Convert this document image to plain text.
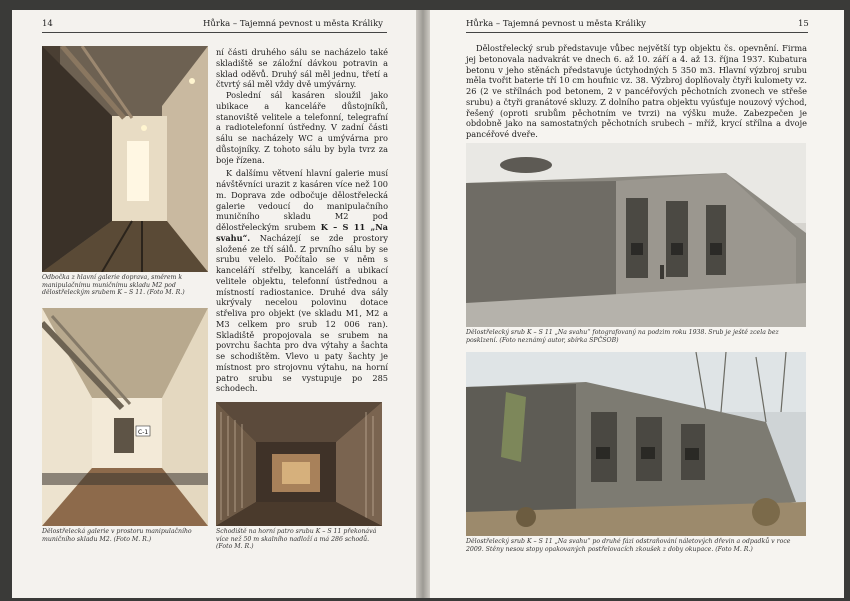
14	Hůrka – Tajemná pevnost u města Králiky

Odbočka z hlavní galerie doprava, směrem k manipulačnímu muničnímu skladu M2 pod dělostřeleckým srubem K – S 11. (Foto M. R.)

C-1

Dělostřelecká galerie v prostoru manipulačního muničního skladu M2. (Foto M. R.)

ní části druhého sálu se nacházelo také skladiště se záložní dávkou potravin a sklad oděvů. Druhý sál měl jednu, třetí a čtvrtý sál měl vždy dvě umývárny.

Poslední sál kasáren sloužil jako ubikace a kanceláře důstojníků, stanoviště velitele a telefonní, telegrafní a radiotelefonní ústředny. V zadní části sálu se nacházely WC a umývárna pro důstojníky. Z tohoto sálu by byla tvrz za boje řízena.

K dalšímu větvení hlavní galerie musí návštěvníci urazit z kasáren více než 100 m. Doprava zde odbočuje dělostřelecká galerie vedoucí do manipulačního muničního skladu M2 pod dělostřeleckým srubem K – S 11 „Na svahu“. Nacházejí se zde prostory složené ze tří sálů. Z prvního sálu by se srubu velelo. Počítalo se v něm s kanceláří střelby, kanceláří a ubikací velitele objektu, telefonní ústřednou a místností radiostanice. Druhé dva sály ukrývaly necelou polovinu dotace střeliva pro objekt (ve skladu M1, M2 a M3 celkem pro srub 12 006 ran). Skladiště propojovala se srubem na povrchu šachta pro dva výtahy a šachta se schodištěm. Vlevo u paty šachty je místnost pro strojovnu výtahu, na horní patro srubu se vystupuje po 285 schodech.

Schodiště na horní patro srubu K – S 11 překonává více než 50 m skalního nadloží a má 286 schodů. (Foto M. R.)

Hůrka – Tajemná pevnost u města Králiky	15

Dělostřelecký srub představuje vůbec největší typ objektu čs. opevnění. Firma jej betonovala nadvakrát ve dnech 6. až 10. září a 4. až 13. října 1937. Kubatura betonu v jeho stěnách představuje úctyhodných 5 350 m3. Hlavní výzbroj srubu měla tvořit baterie tří 10 cm houfnic vz. 38. Výzbroj doplňovaly čtyři kulomety vz. 26 (2 ve střílnách pod betonem, 2 v pancéřových pěchotních zvonech ve střeše srubu) a čtyři granátové skluzy. Z dolního patra objektu vyúsťuje nouzový východ, řešený (oproti srubům pěchotním ve tvrzi) na výšku muže. Zabezpečen je obdobně jako na samostatných pěchotních srubech – mříž, krycí střílna a dvoje pancéřové dveře.

Dělostřelecký srub K – S 11 „Na svahu“ fotografovaný na podzim roku 1938. Srub je ještě zcela bez posklzení. (Foto neznámý autor, sbírka SPČSOB)

Dělostřelecký srub K – S 11 „Na svahu“ po druhé fázi odstraňování náletových dřevin a odpadků v roce 2009. Stěny nesou stopy opakovaných postřelovacích zkoušek z doby okupace. (Foto M. R.)
